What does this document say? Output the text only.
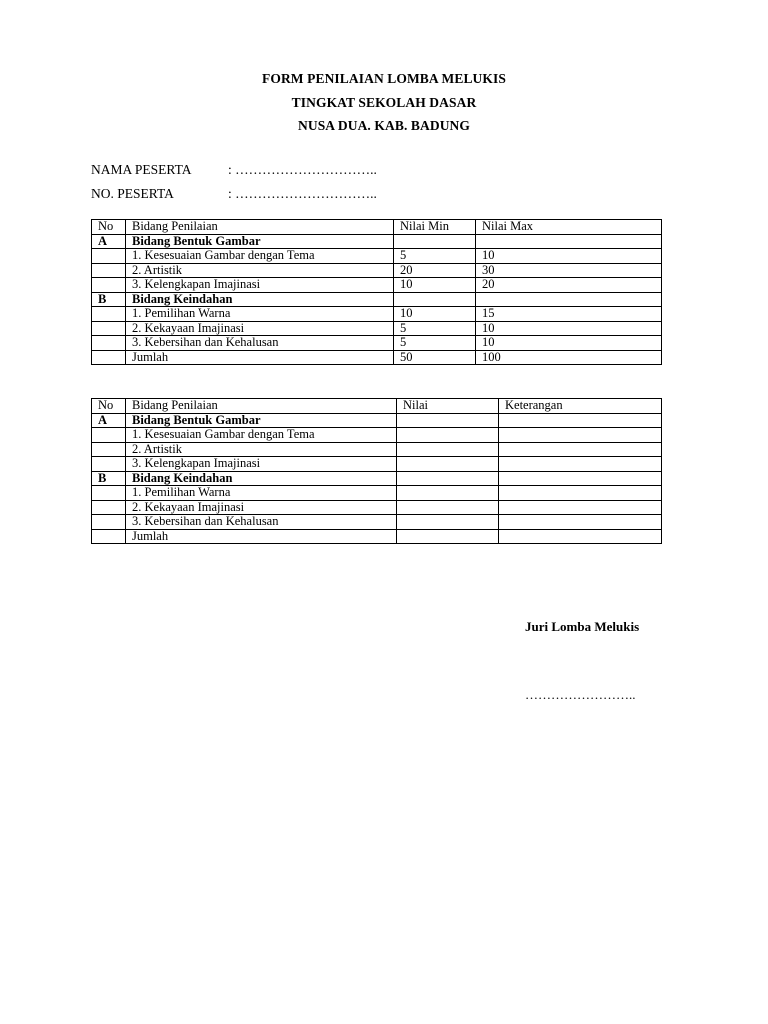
FORM PENILAIAN LOMBA MELUKIS
TINGKAT SEKOLAH DASAR
NUSA DUA. KAB. BADUNG
NAMA PESERTA	: …………………………..
NO. PESERTA	: …………………………..
No	Bidang Penilaian	Nilai Min	Nilai Max
A	Bidang Bentuk Gambar		
	1. Kesesuaian Gambar dengan Tema	5	10
	2. Artistik	20	30
	3. Kelengkapan Imajinasi	10	20
B	Bidang Keindahan		
	1. Pemilihan Warna	10	15
	2. Kekayaan Imajinasi	5	10
	3. Kebersihan dan Kehalusan	5	10
	Jumlah	50	100
No	Bidang Penilaian	Nilai	Keterangan
A	Bidang Bentuk Gambar		
	1. Kesesuaian Gambar dengan Tema		
	2. Artistik		
	3. Kelengkapan Imajinasi		
B	Bidang Keindahan		
	1. Pemilihan Warna		
	2. Kekayaan Imajinasi		
	3. Kebersihan dan Kehalusan		
	Jumlah		
Juri Lomba Melukis
……………………..
